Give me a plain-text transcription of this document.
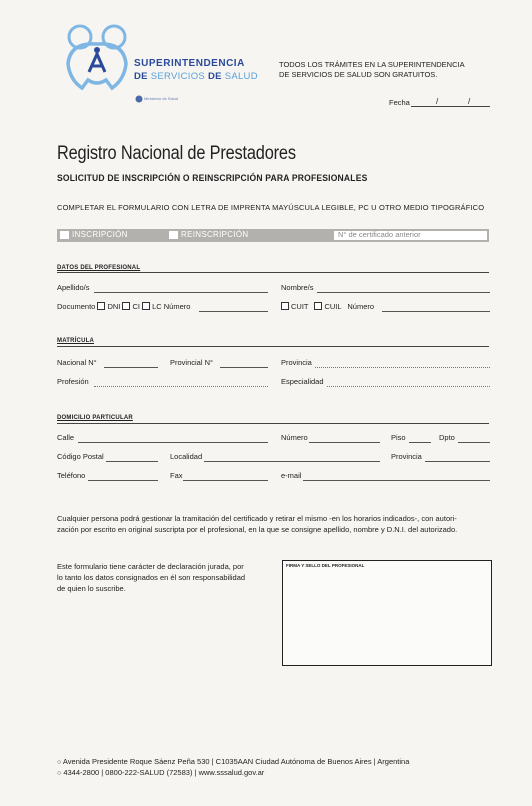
Ministerio de Salud
SUPERINTENDENCIA
DE SERVICIOS DE SALUD
TODOS LOS TRÁMITES EN LA SUPERINTENDENCIA
DE SERVICIOS DE SALUD SON GRATUITOS.
Fecha	/	/
Registro Nacional de Prestadores
SOLICITUD DE INSCRIPCIÓN O REINSCRIPCIÓN PARA PROFESIONALES
COMPLETAR EL FORMULARIO CON LETRA DE IMPRENTA MAYÚSCULA LEGIBLE, PC U OTRO MEDIO TIPOGRÁFICO
INSCRIPCIÓN	REINSCRIPCIÓN	N° de certificado anterior
DATOS DEL PROFESIONAL
Apellido/s	Nombre/s
Documento DNI CI LC Número	CUIT CUIL Número
MATRÍCULA
Nacional N°	Provincial N°	Provincia
Profesión	Especialidad
DOMICILIO PARTICULAR
Calle	Número	Piso	Dpto
Código Postal	Localidad	Provincia
Teléfono	Fax	e-mail
Cualquier persona podrá gestionar la tramitación del certificado y retirar el mismo -en los horarios indicados-, con autori-
zación por escrito en original suscripta por el profesional, en la que se consigne apellido, nombre y D.N.I. del autorizado.
Este formulario tiene carácter de declaración jurada, por
lo tanto los datos consignados en él son responsabilidad
de quien lo suscribe.
FIRMA Y SELLO DEL PROFESIONAL
○ Avenida Presidente Roque Sáenz Peña 530 | C1035AAN Ciudad Autónoma de Buenos Aires | Argentina
○ 4344-2800 | 0800-222-SALUD (72583) | www.sssalud.gov.ar
